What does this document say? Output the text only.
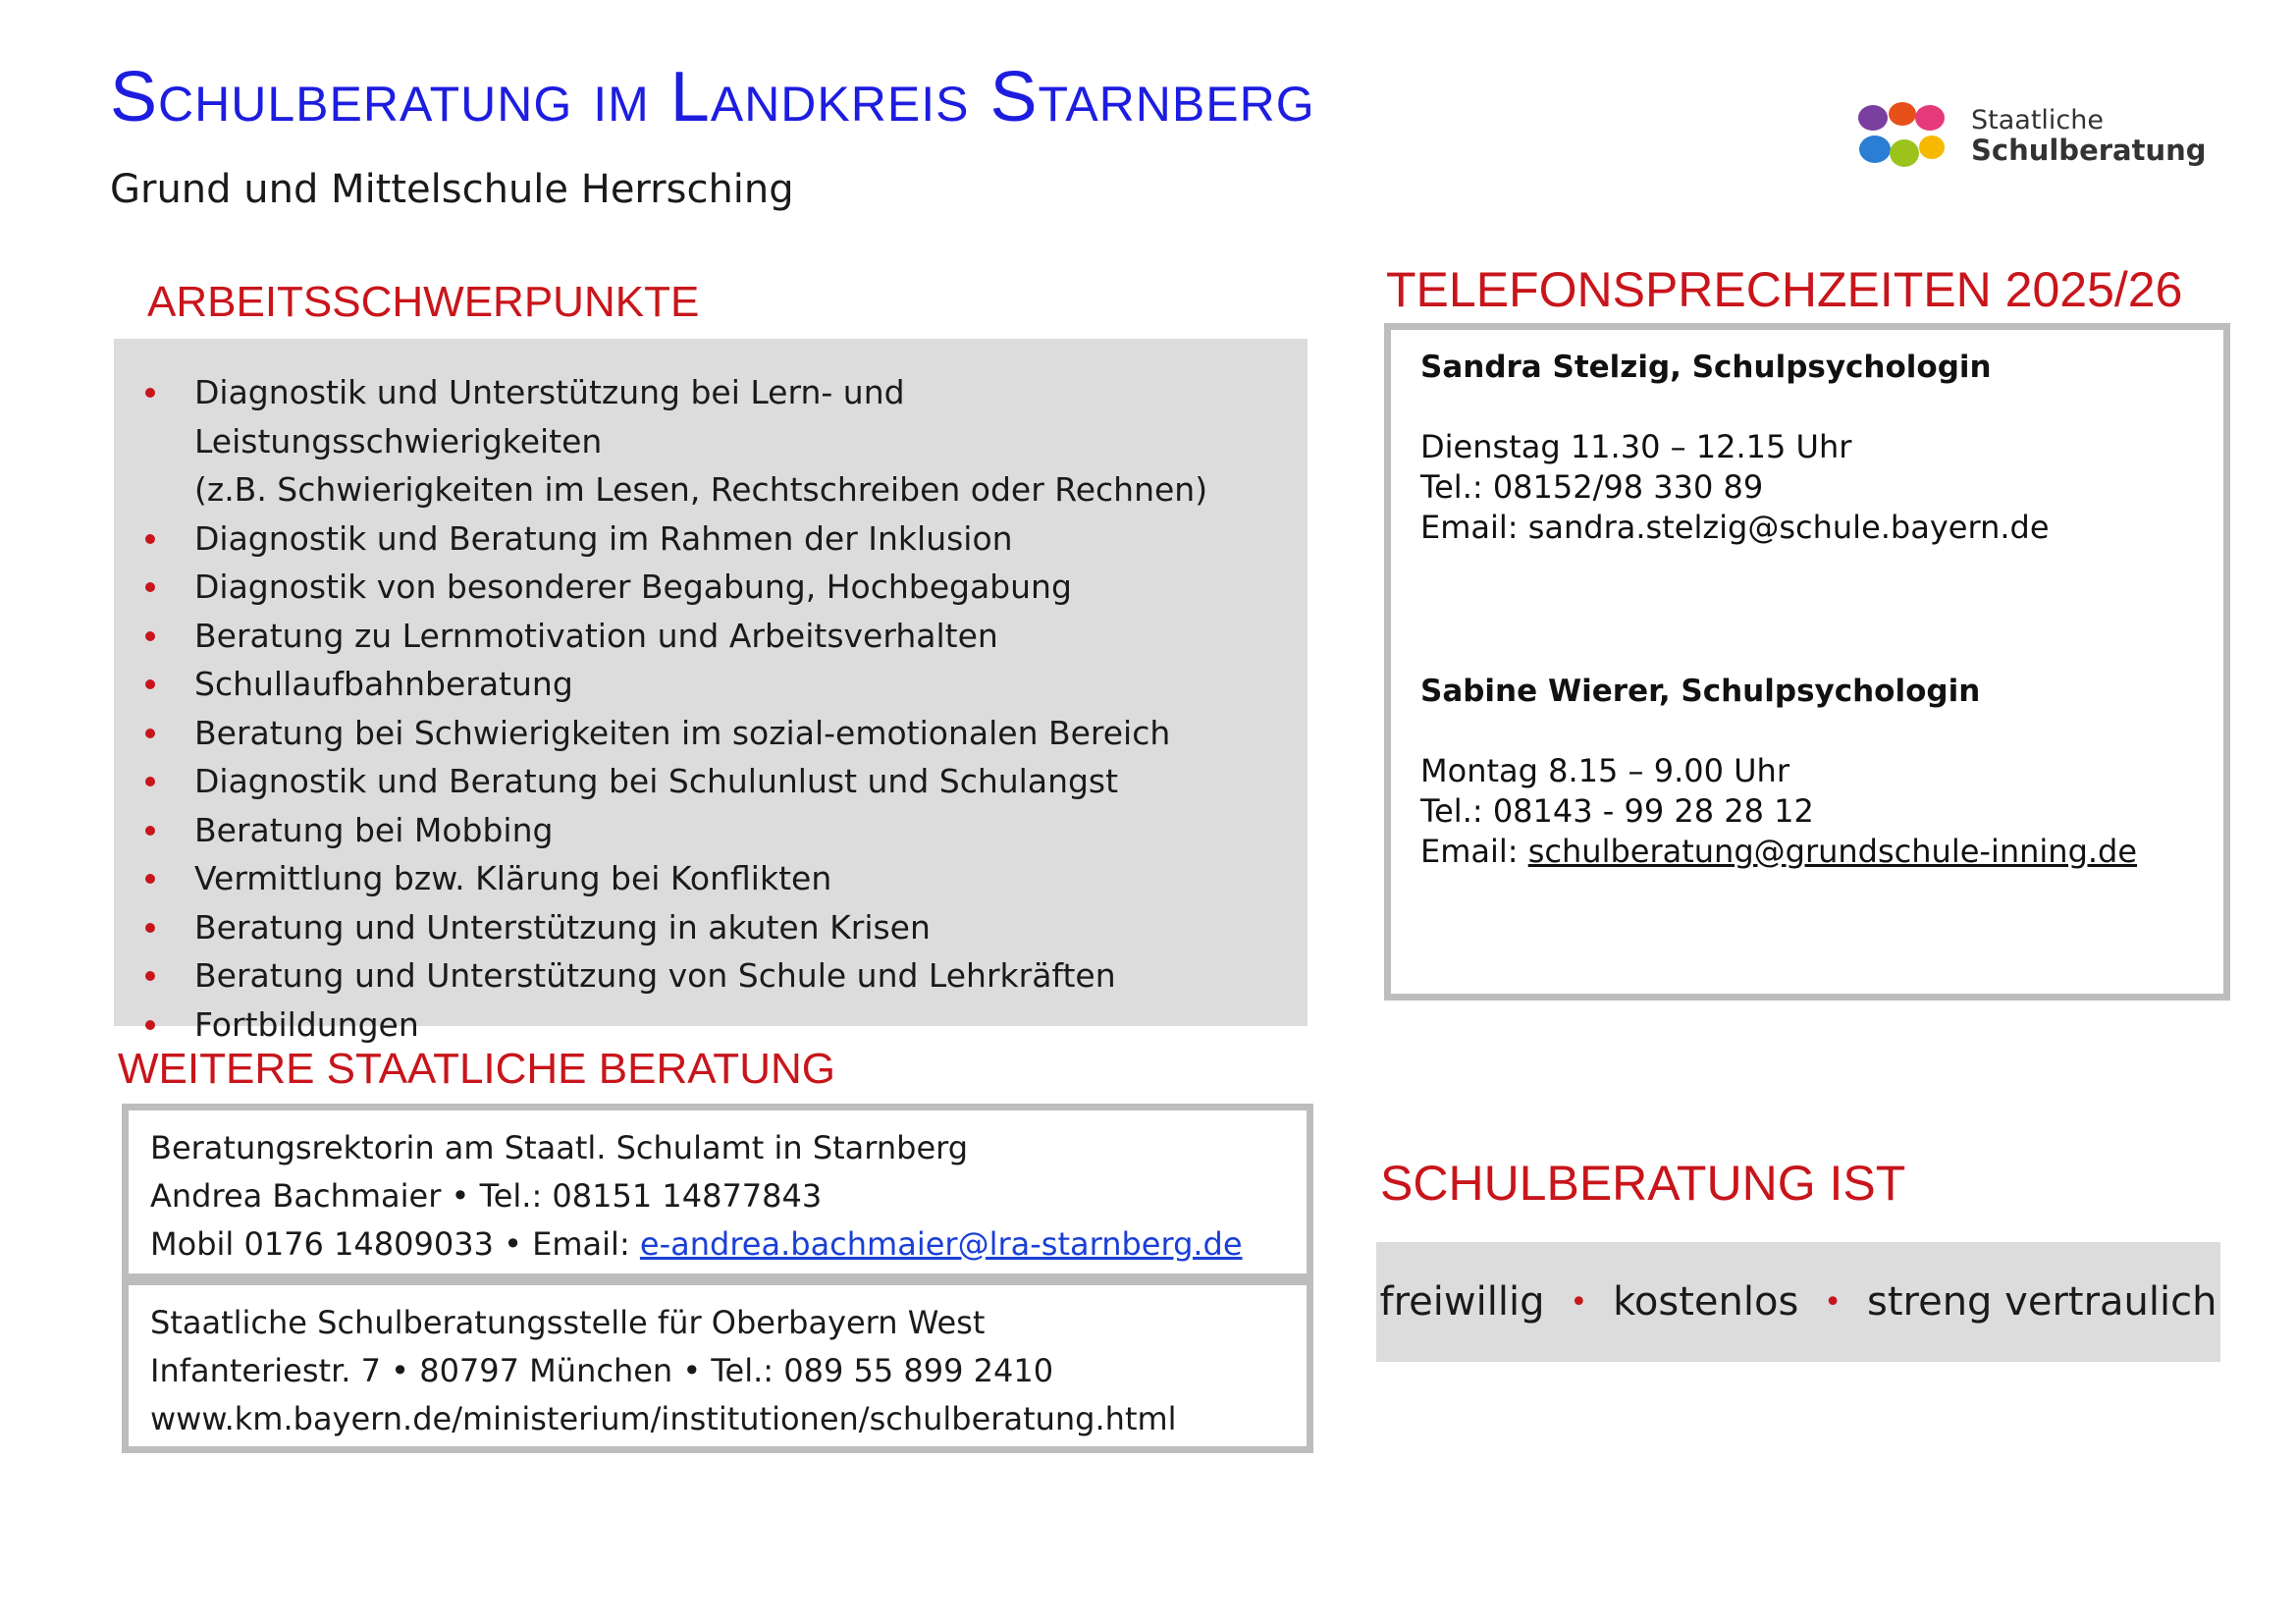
Schulberatung im Landkreis Starnberg
Grund und Mittelschule Herrsching
Staatliche
Schulberatung
ARBEITSSCHWERPUNKTE
Diagnostik und Unterstützung bei Lern- und Leistungsschwierigkeiten
(z.B. Schwierigkeiten im Lesen, Rechtschreiben oder Rechnen)
Diagnostik und Beratung im Rahmen der Inklusion
Diagnostik von besonderer Begabung, Hochbegabung
Beratung zu Lernmotivation und Arbeitsverhalten
Schullaufbahnberatung
Beratung bei Schwierigkeiten im sozial-emotionalen Bereich
Diagnostik und Beratung bei Schulunlust und Schulangst
Beratung bei Mobbing
Vermittlung bzw. Klärung bei Konflikten
Beratung und Unterstützung in akuten Krisen
Beratung und Unterstützung von Schule und Lehrkräften
Fortbildungen
TELEFONSPRECHZEITEN 2025/26
Sandra Stelzig, Schulpsychologin
Dienstag 11.30 – 12.15 Uhr
Tel.: 08152/98 330 89
Email: sandra.stelzig@schule.bayern.de
Sabine Wierer, Schulpsychologin
Montag 8.15 – 9.00 Uhr
Tel.: 08143 - 99 28 28 12
Email: schulberatung@grundschule-inning.de
WEITERE STAATLICHE BERATUNG
Beratungsrektorin am Staatl. Schulamt in Starnberg
Andrea Bachmaier • Tel.: 08151 14877843
Mobil 0176 14809033 • Email: e-andrea.bachmaier@lra-starnberg.de
Staatliche Schulberatungsstelle für Oberbayern West
Infanteriestr. 7 • 80797 München • Tel.: 089 55 899 2410
www.km.bayern.de/ministerium/institutionen/schulberatung.html
SCHULBERATUNG IST
freiwillig • kostenlos • streng vertraulich
